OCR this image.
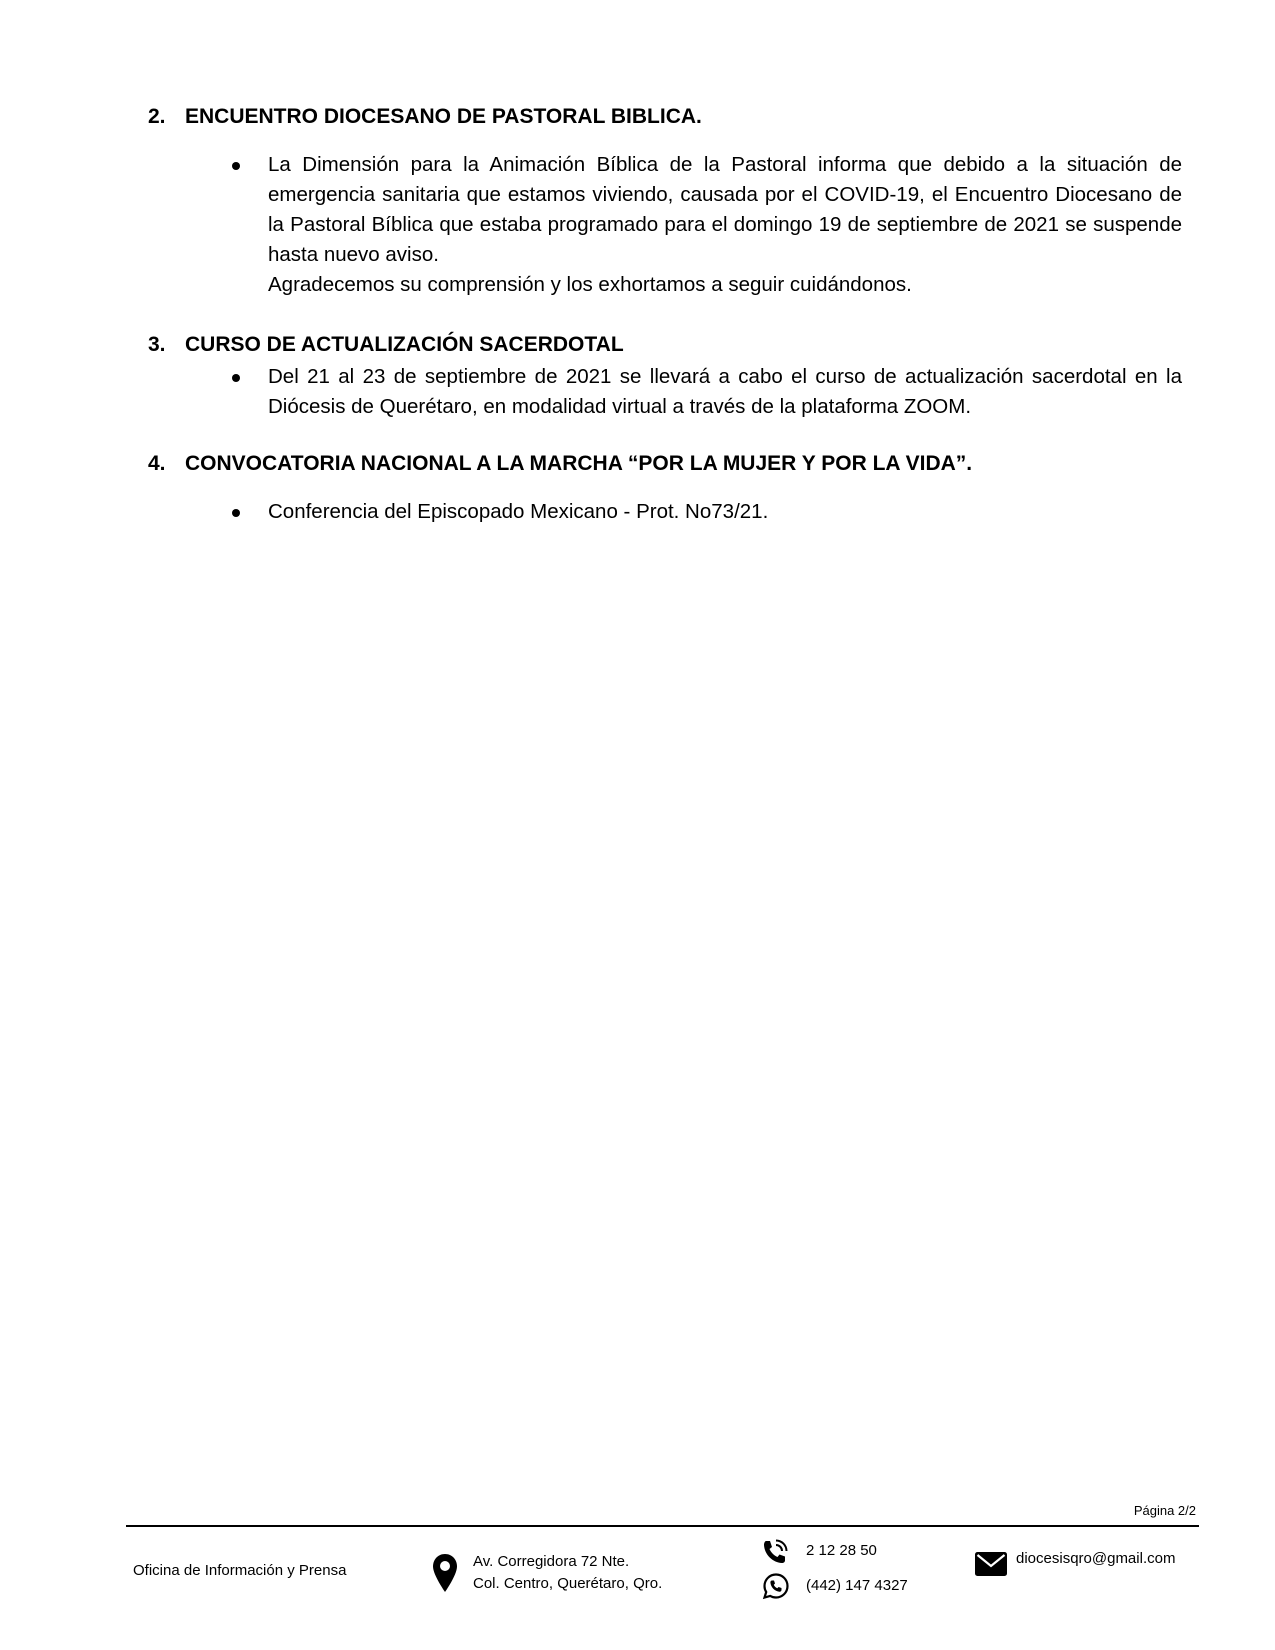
2. ENCUENTRO DIOCESANO DE PASTORAL BIBLICA.

La Dimensión para la Animación Bíblica de la Pastoral informa que debido a la situación de emergencia sanitaria que estamos viviendo, causada por el COVID-19, el Encuentro Diocesano de la Pastoral Bíblica que estaba programado para el domingo 19 de septiembre de 2021 se suspende hasta nuevo aviso.

Agradecemos su comprensión y los exhortamos a seguir cuidándonos.

3. CURSO DE ACTUALIZACIÓN SACERDOTAL

Del 21 al 23 de septiembre de 2021 se llevará a cabo el curso de actualización sacerdotal en la Diócesis de Querétaro, en modalidad virtual a través de la plataforma ZOOM.

4. CONVOCATORIA NACIONAL A LA MARCHA “POR LA MUJER Y POR LA VIDA”.

Conferencia del Episcopado Mexicano - Prot. No73/21.

Página 2/2
Oficina de Información y Prensa
Av. Corregidora 72 Nte.
Col. Centro, Querétaro, Qro.
2 12 28 50
(442) 147 4327
diocesisqro@gmail.com
